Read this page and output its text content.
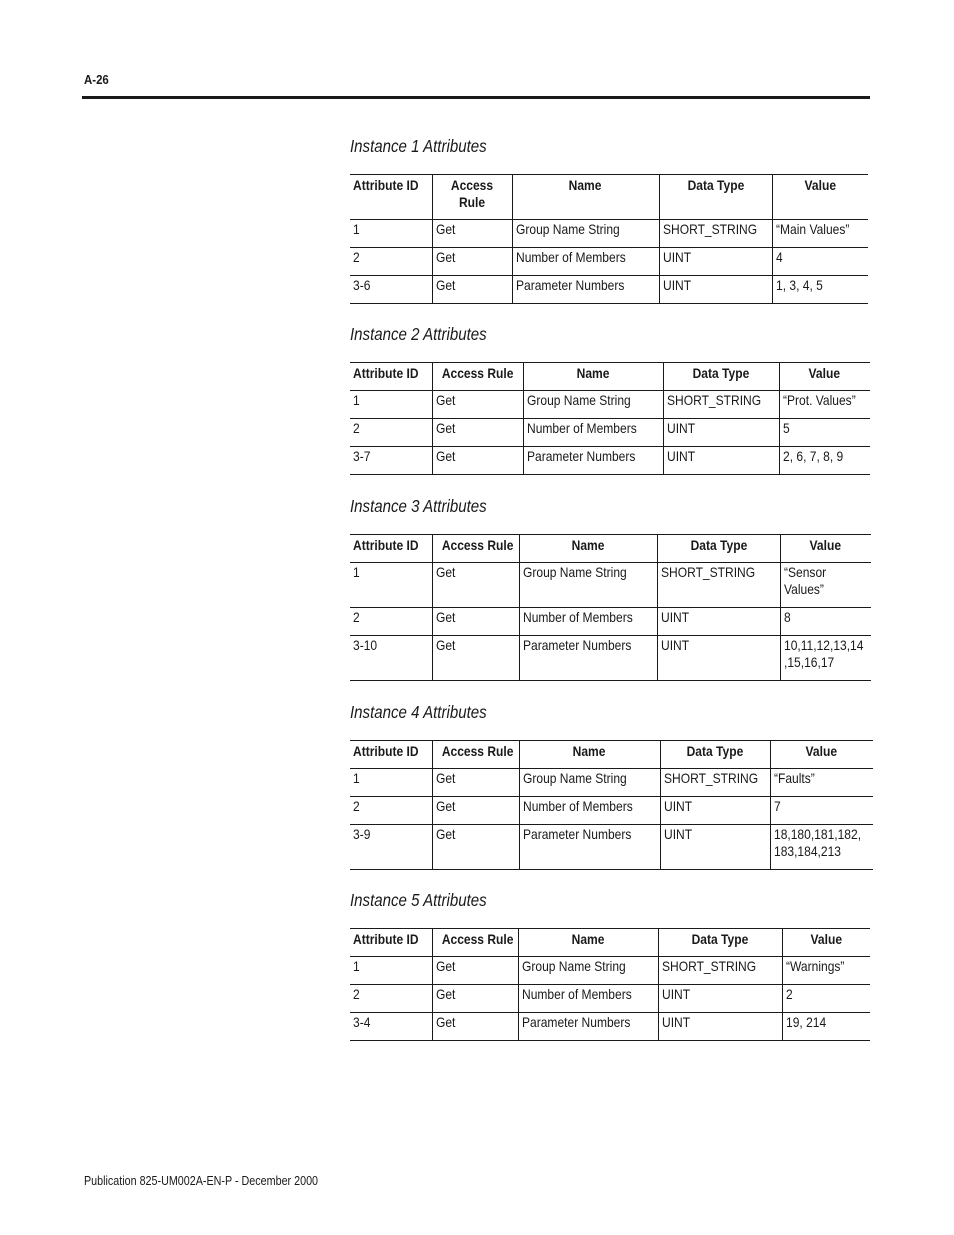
A-26
Instance 1 Attributes
Attribute ID	Access Rule	Name	Data Type	Value
1	Get	Group Name String	SHORT_STRING	“Main Values”
2	Get	Number of Members	UINT	4
3-6	Get	Parameter Numbers	UINT	1, 3, 4, 5
Instance 2 Attributes
Attribute ID	Access Rule	Name	Data Type	Value
1	Get	Group Name String	SHORT_STRING	“Prot. Values”
2	Get	Number of Members	UINT	5
3-7	Get	Parameter Numbers	UINT	2, 6, 7, 8, 9
Instance 3 Attributes
Attribute ID	Access Rule	Name	Data Type	Value
1	Get	Group Name String	SHORT_STRING	“Sensor Values”
2	Get	Number of Members	UINT	8
3-10	Get	Parameter Numbers	UINT	10,11,12,13,14 ,15,16,17
Instance 4 Attributes
Attribute ID	Access Rule	Name	Data Type	Value
1	Get	Group Name String	SHORT_STRING	“Faults”
2	Get	Number of Members	UINT	7
3-9	Get	Parameter Numbers	UINT	18,180,181,182, 183,184,213
Instance 5 Attributes
Attribute ID	Access Rule	Name	Data Type	Value
1	Get	Group Name String	SHORT_STRING	“Warnings”
2	Get	Number of Members	UINT	2
3-4	Get	Parameter Numbers	UINT	19, 214
Publication 825-UM002A-EN-P - December 2000
